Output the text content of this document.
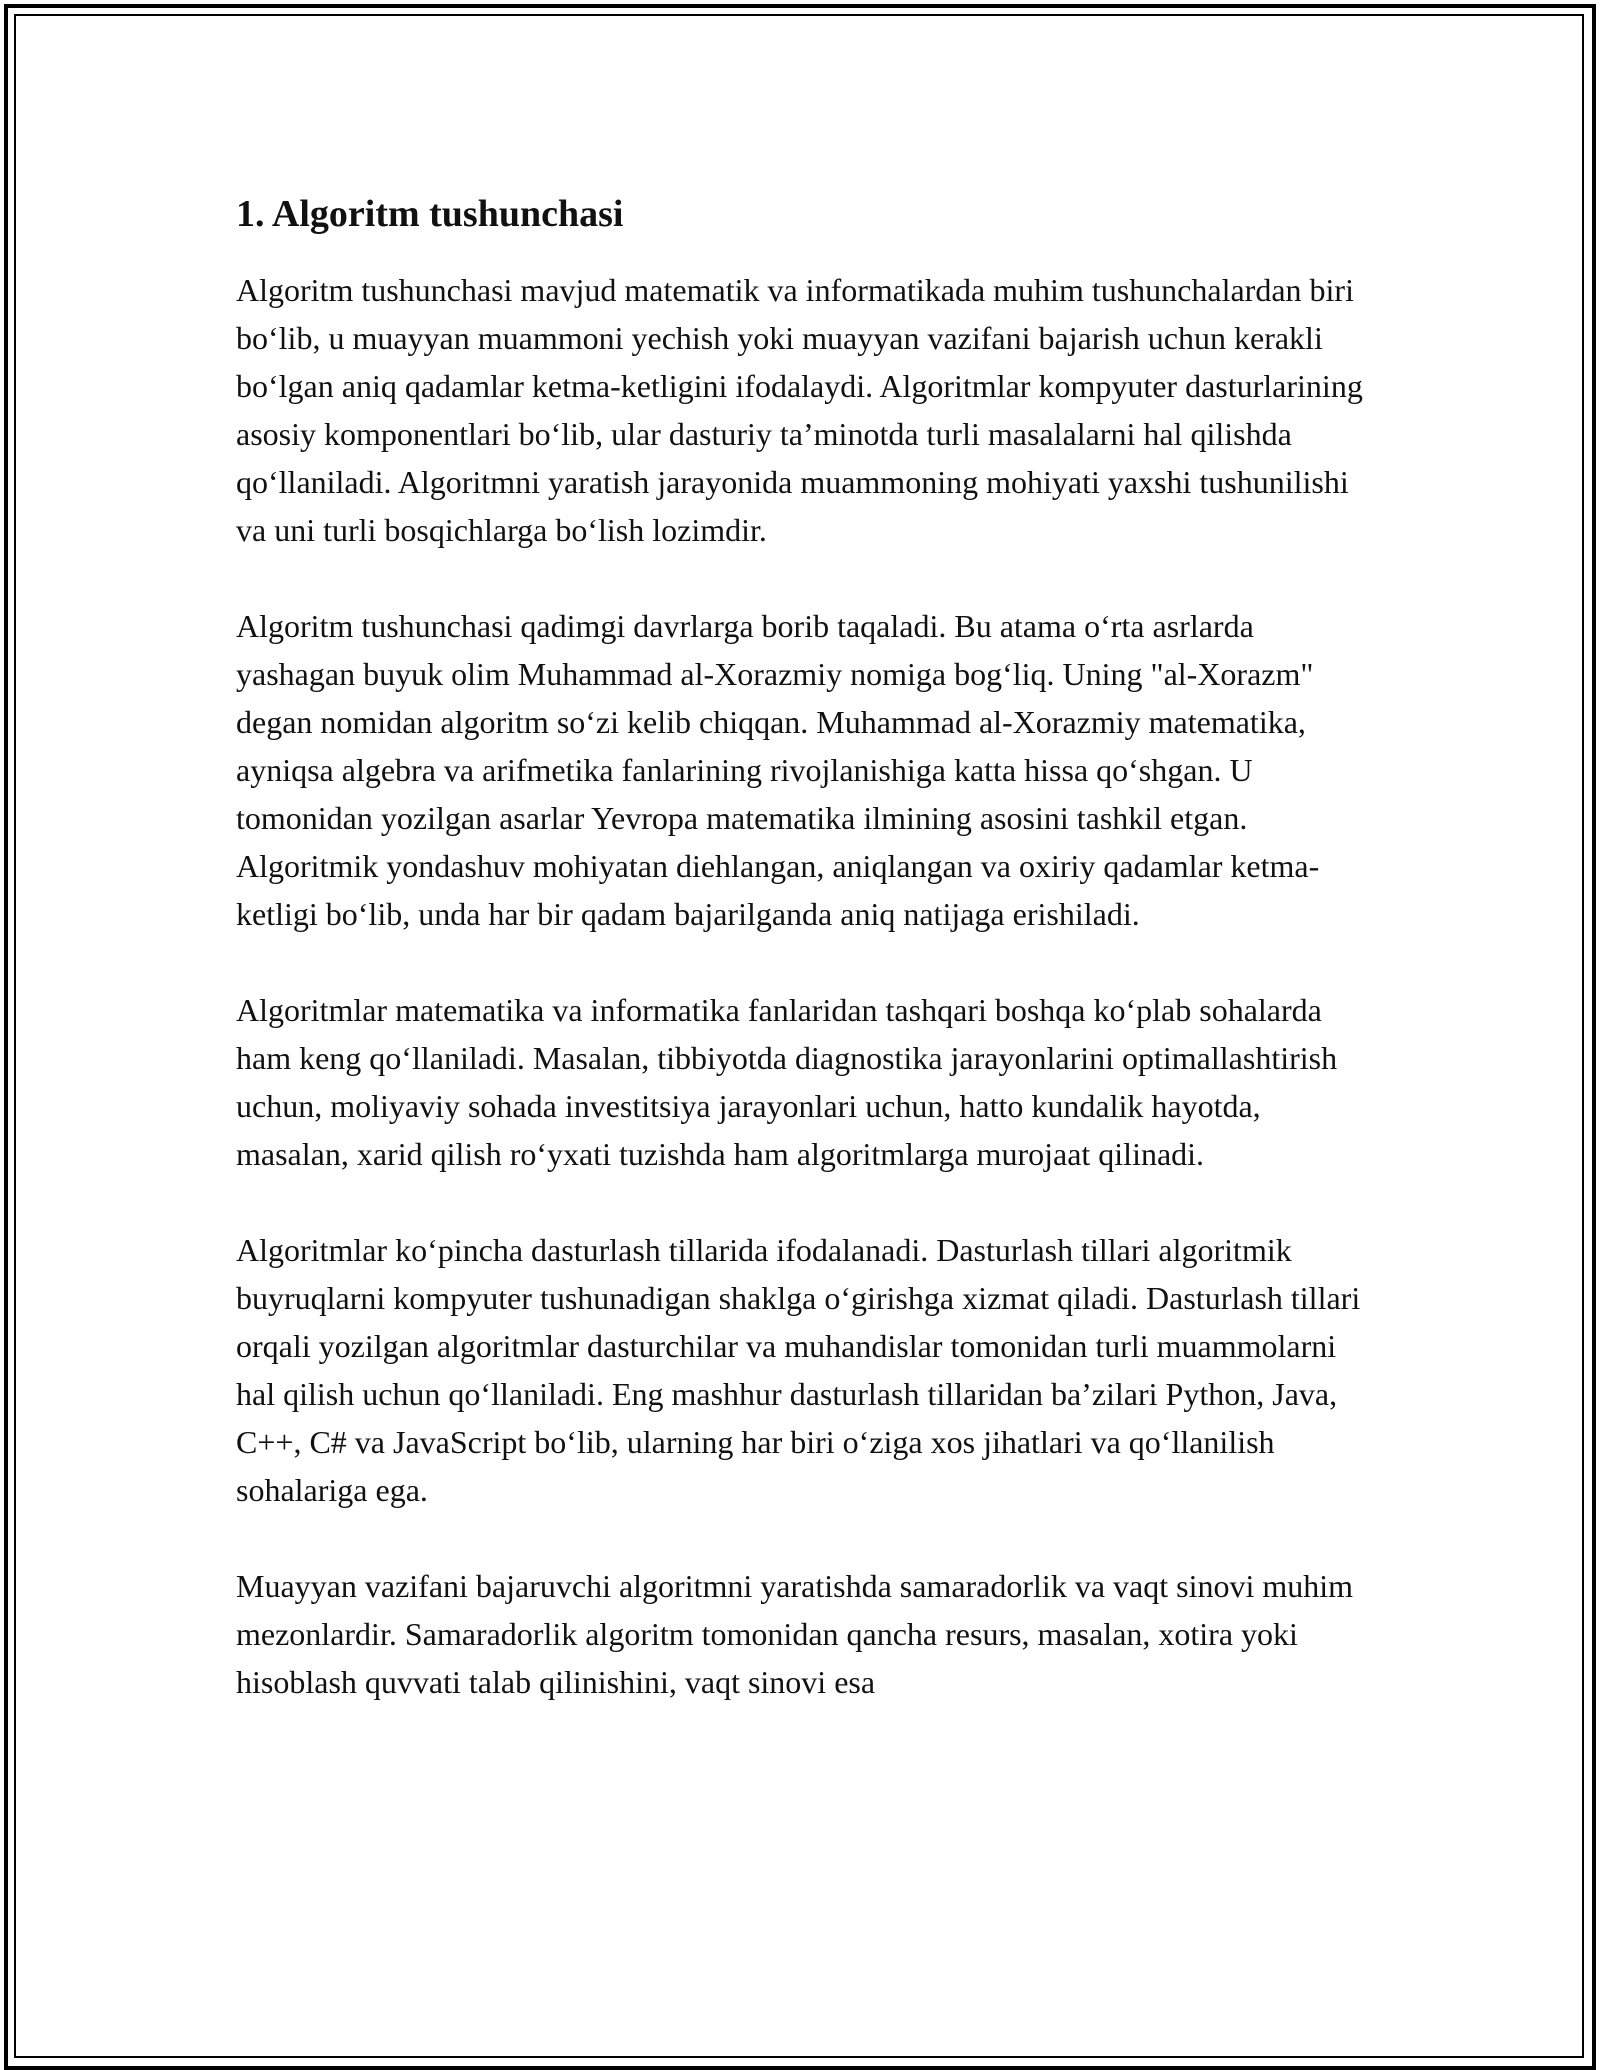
1. Algoritm tushunchasi

Algoritm tushunchasi mavjud matematik va informatikada muhim tushunchalardan biri bo‘lib, u muayyan muammoni yechish yoki muayyan vazifani bajarish uchun kerakli bo‘lgan aniq qadamlar ketma-ketligini ifodalaydi. Algoritmlar kompyuter dasturlarining asosiy komponentlari bo‘lib, ular dasturiy ta’minotda turli masalalarni hal qilishda qo‘llaniladi. Algoritmni yaratish jarayonida muammoning mohiyati yaxshi tushunilishi va uni turli bosqichlarga bo‘lish lozimdir.

Algoritm tushunchasi qadimgi davrlarga borib taqaladi. Bu atama o‘rta asrlarda yashagan buyuk olim Muhammad al-Xorazmiy nomiga bog‘liq. Uning "al-Xorazm" degan nomidan algoritm so‘zi kelib chiqqan. Muhammad al-Xorazmiy matematika, ayniqsa algebra va arifmetika fanlarining rivojlanishiga katta hissa qo‘shgan. U tomonidan yozilgan asarlar Yevropa matematika ilmining asosini tashkil etgan. Algoritmik yondashuv mohiyatan diehlangan, aniqlangan va oxiriy qadamlar ketma-ketligi bo‘lib, unda har bir qadam bajarilganda aniq natijaga erishiladi.

Algoritmlar matematika va informatika fanlaridan tashqari boshqa ko‘plab sohalarda ham keng qo‘llaniladi. Masalan, tibbiyotda diagnostika jarayonlarini optimallashtirish uchun, moliyaviy sohada investitsiya jarayonlari uchun, hatto kundalik hayotda, masalan, xarid qilish ro‘yxati tuzishda ham algoritmlarga murojaat qilinadi.

Algoritmlar ko‘pincha dasturlash tillarida ifodalanadi. Dasturlash tillari algoritmik buyruqlarni kompyuter tushunadigan shaklga o‘girishga xizmat qiladi. Dasturlash tillari orqali yozilgan algoritmlar dasturchilar va muhandislar tomonidan turli muammolarni hal qilish uchun qo‘llaniladi. Eng mashhur dasturlash tillaridan ba’zilari Python, Java, C++, C# va JavaScript bo‘lib, ularning har biri o‘ziga xos jihatlari va qo‘llanilish sohalariga ega.

Muayyan vazifani bajaruvchi algoritmni yaratishda samaradorlik va vaqt sinovi muhim mezonlardir. Samaradorlik algoritm tomonidan qancha resurs, masalan, xotira yoki hisoblash quvvati talab qilinishini, vaqt sinovi esa
